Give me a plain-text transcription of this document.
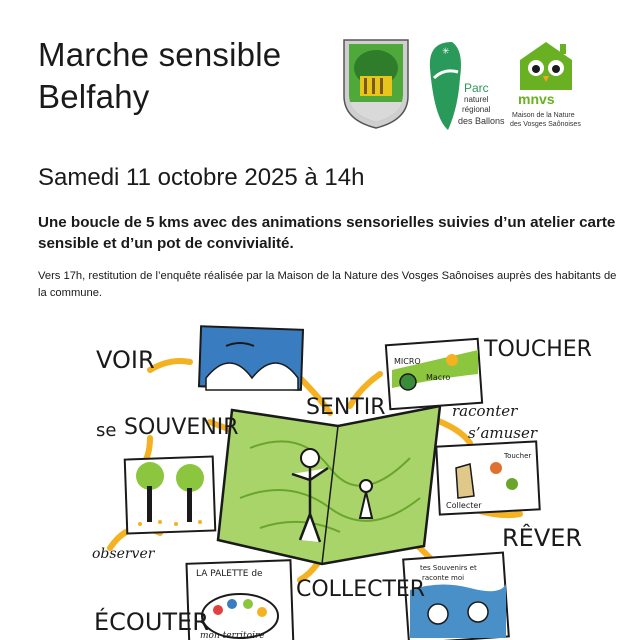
Marche sensible
Belfahy
✳
Parc
naturel
régional
des Ballons
mnvs
Maison de la Nature
des Vosges Saônoises
Samedi 11 octobre 2025 à 14h
Une boucle de 5 kms avec des animations sensorielles suivies d’un atelier carte sensible et d’un pot de convivialité.
Vers 17h, restitution de l’enquête réalisée par la Maison de la Nature des Vosges Saônoises auprès des habitants de la commune.
MICRO
Macro
Toucher
Collecter
LA PALETTE de
mon territoire
tes Souvenirs et
raconte moi
VOIR
se SOUVENIR
SENTIR
TOUCHER
raconter
s’amuser
observer
RÊVER
ÉCOUTER
COLLECTER
